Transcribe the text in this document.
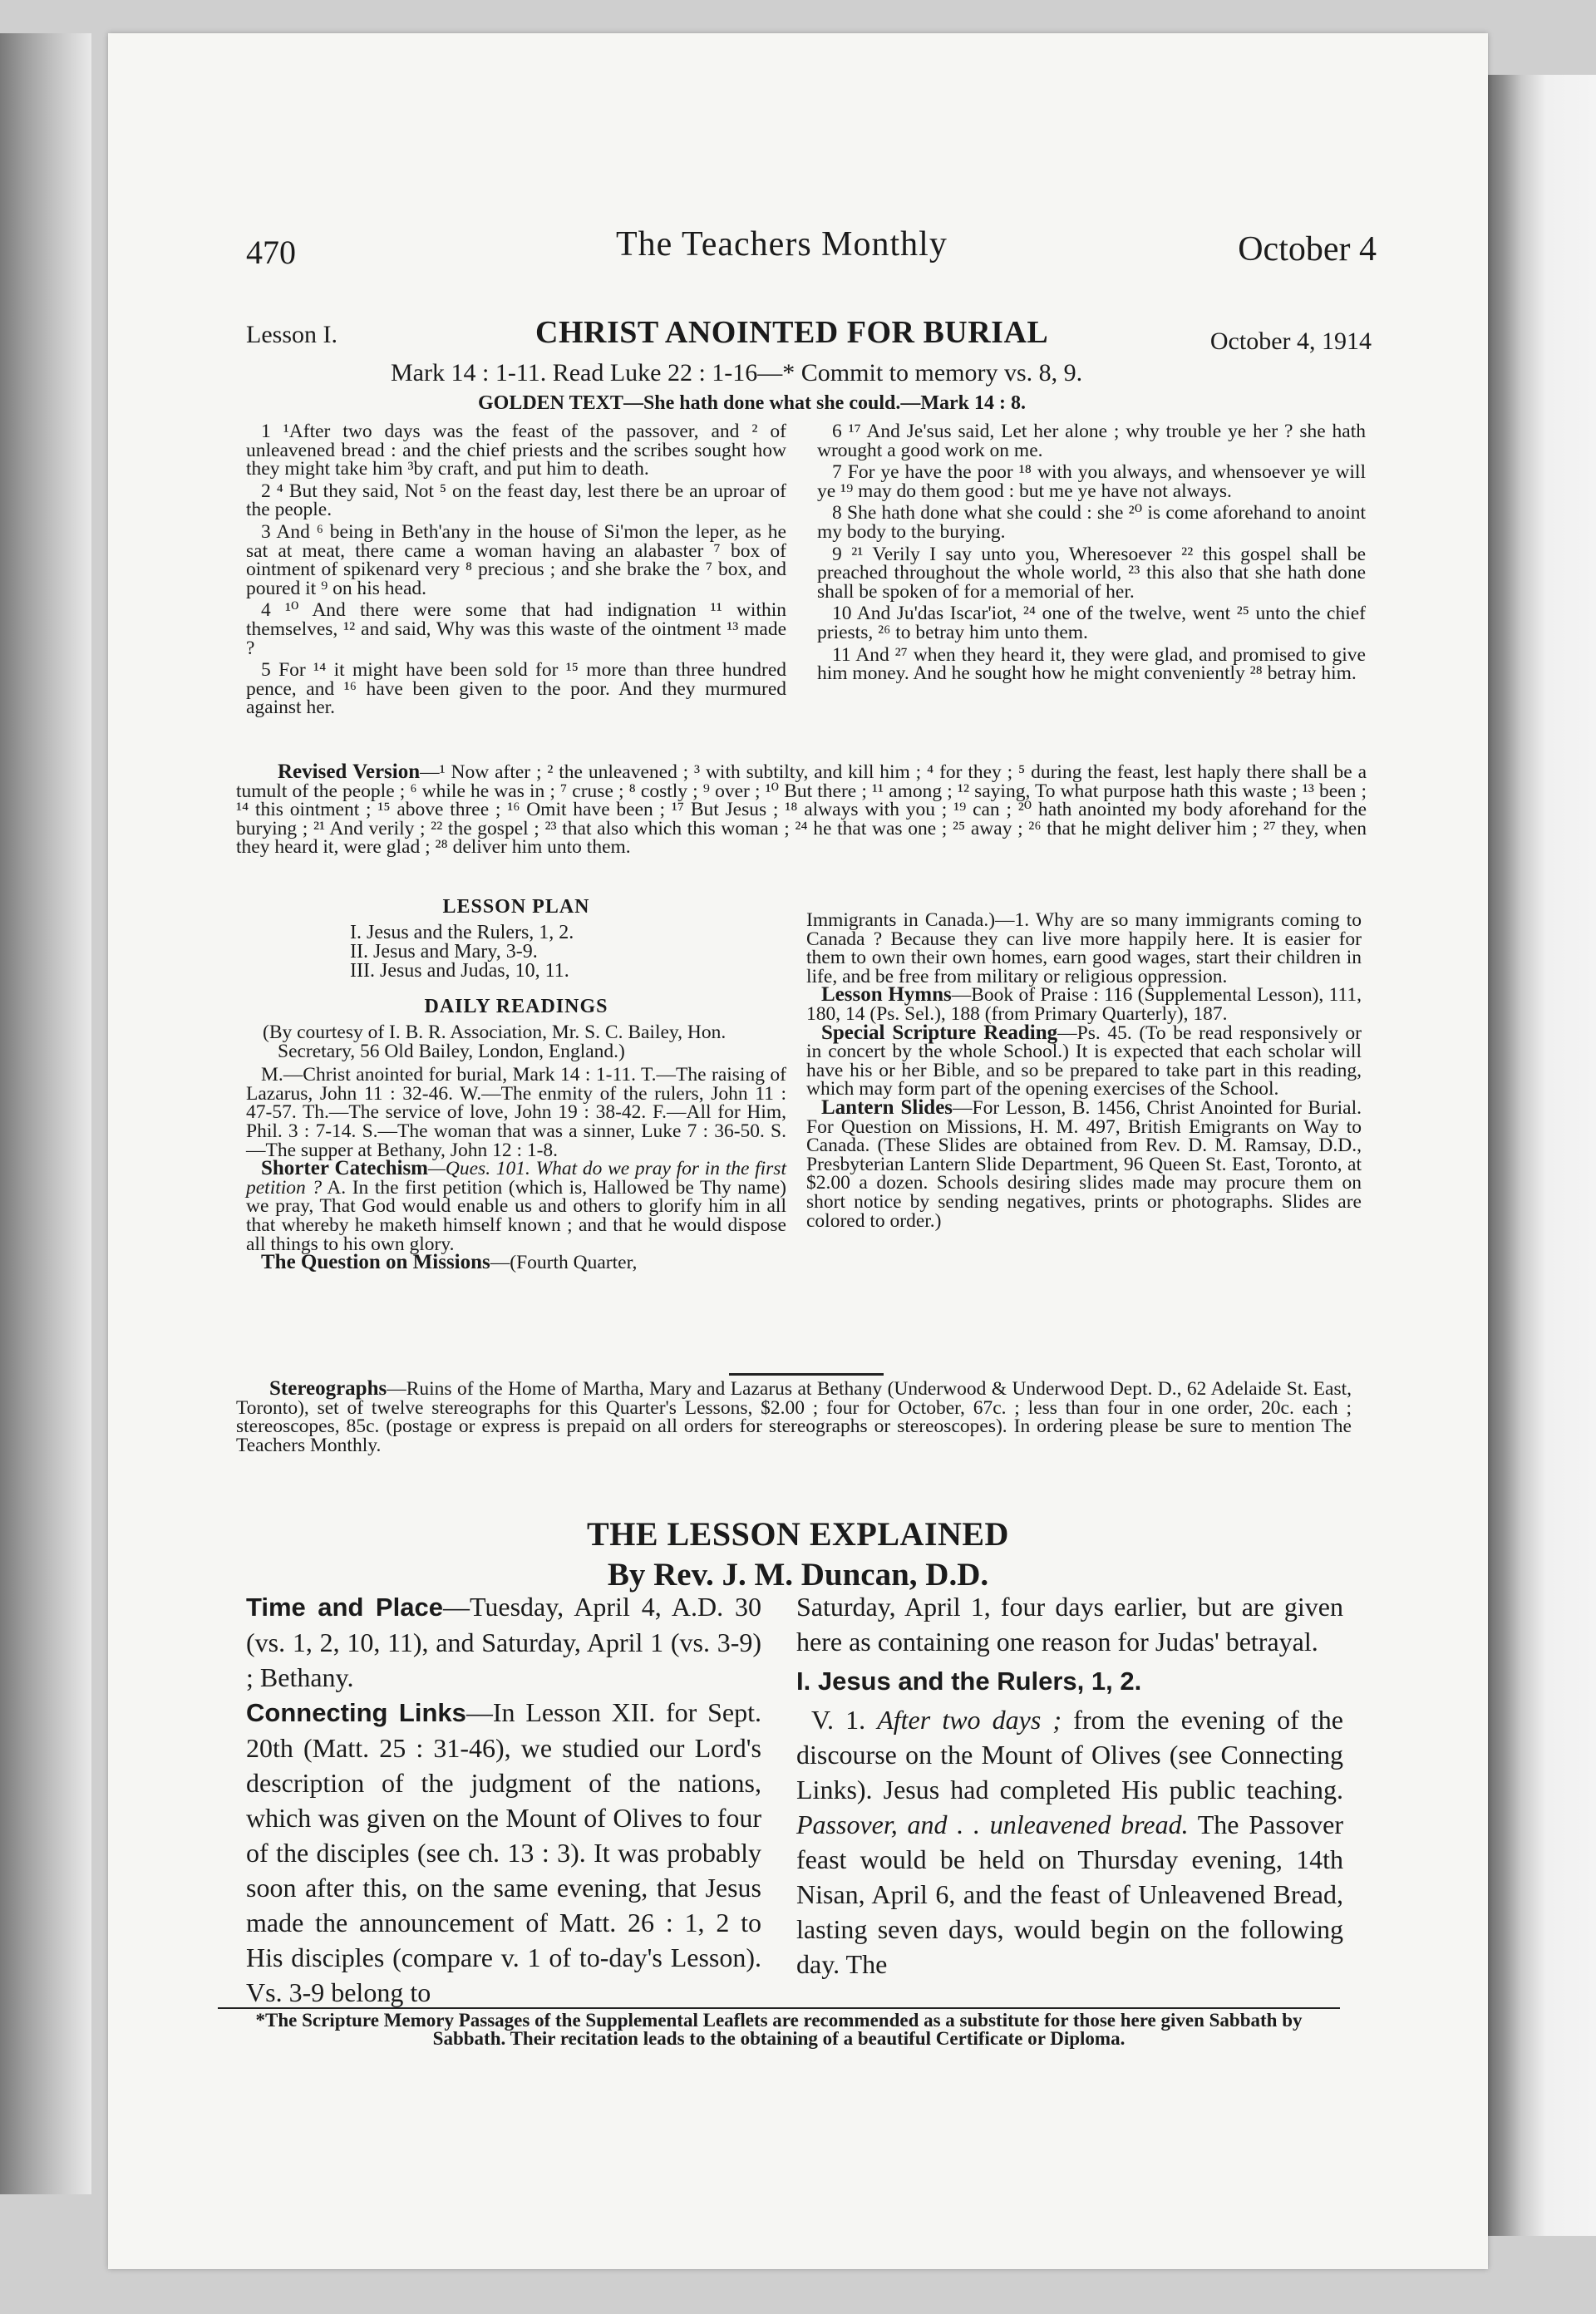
470	The Teachers Monthly	October 4
Lesson I.	CHRIST ANOINTED FOR BURIAL	October 4, 1914
Mark 14 : 1-11. Read Luke 22 : 1-16—* Commit to memory vs. 8, 9.
GOLDEN TEXT—She hath done what she could.—Mark 14 : 8.

1 ¹After two days was the feast of the passover, and ² of unleavened bread : and the chief priests and the scribes sought how they might take him ³by craft, and put him to death.

2 ⁴ But they said, Not ⁵ on the feast day, lest there be an uproar of the people.

3 And ⁶ being in Beth'any in the house of Si'mon the leper, as he sat at meat, there came a woman having an alabaster ⁷ box of ointment of spikenard very ⁸ precious ; and she brake the ⁷ box, and poured it ⁹ on his head.

4 ¹⁰ And there were some that had indignation ¹¹ within themselves, ¹² and said, Why was this waste of the ointment ¹³ made ?

5 For ¹⁴ it might have been sold for ¹⁵ more than three hundred pence, and ¹⁶ have been given to the poor. And they murmured against her.

6 ¹⁷ And Je'sus said, Let her alone ; why trouble ye her ? she hath wrought a good work on me.

7 For ye have the poor ¹⁸ with you always, and whensoever ye will ye ¹⁹ may do them good : but me ye have not always.

8 She hath done what she could : she ²⁰ is come aforehand to anoint my body to the burying.

9 ²¹ Verily I say unto you, Wheresoever ²² this gospel shall be preached throughout the whole world, ²³ this also that she hath done shall be spoken of for a memorial of her.

10 And Ju'das Iscar'iot, ²⁴ one of the twelve, went ²⁵ unto the chief priests, ²⁶ to betray him unto them.

11 And ²⁷ when they heard it, they were glad, and promised to give him money. And he sought how he might conveniently ²⁸ betray him.

Revised Version—¹ Now after ; ² the unleavened ; ³ with subtilty, and kill him ; ⁴ for they ; ⁵ during the feast, lest haply there shall be a tumult of the people ; ⁶ while he was in ; ⁷ cruse ; ⁸ costly ; ⁹ over ; ¹⁰ But there ; ¹¹ among ; ¹² saying, To what purpose hath this waste ; ¹³ been ; ¹⁴ this ointment ; ¹⁵ above three ; ¹⁶ Omit have been ; ¹⁷ But Jesus ; ¹⁸ always with you ; ¹⁹ can ; ²⁰ hath anointed my body aforehand for the burying ; ²¹ And verily ; ²² the gospel ; ²³ that also which this woman ; ²⁴ he that was one ; ²⁵ away ; ²⁶ that he might deliver him ; ²⁷ they, when they heard it, were glad ; ²⁸ deliver him unto them.
LESSON PLAN
I. Jesus and the Rulers, 1, 2.
II. Jesus and Mary, 3-9.
III. Jesus and Judas, 10, 11.
DAILY READINGS
(By courtesy of I. B. R. Association, Mr. S. C. Bailey, Hon. Secretary, 56 Old Bailey, London, England.)

M.—Christ anointed for burial, Mark 14 : 1-11. T.—The raising of Lazarus, John 11 : 32-46. W.—The enmity of the rulers, John 11 : 47-57. Th.—The service of love, John 19 : 38-42. F.—All for Him, Phil. 3 : 7-14. S.—The woman that was a sinner, Luke 7 : 36-50. S.—The supper at Bethany, John 12 : 1-8.

Shorter Catechism—Ques. 101. What do we pray for in the first petition ? A. In the first petition (which is, Hallowed be Thy name) we pray, That God would enable us and others to glorify him in all that whereby he maketh himself known ; and that he would dispose all things to his own glory.

The Question on Missions—(Fourth Quarter,

Immigrants in Canada.)—1. Why are so many immigrants coming to Canada ? Because they can live more happily here. It is easier for them to own their own homes, earn good wages, start their children in life, and be free from military or religious oppression.

Lesson Hymns—Book of Praise : 116 (Supplemental Lesson), 111, 180, 14 (Ps. Sel.), 188 (from Primary Quarterly), 187.

Special Scripture Reading—Ps. 45. (To be read responsively or in concert by the whole School.) It is expected that each scholar will have his or her Bible, and so be prepared to take part in this reading, which may form part of the opening exercises of the School.

Lantern Slides—For Lesson, B. 1456, Christ Anointed for Burial. For Question on Missions, H. M. 497, British Emigrants on Way to Canada. (These Slides are obtained from Rev. D. M. Ramsay, D.D., Presbyterian Lantern Slide Department, 96 Queen St. East, Toronto, at $2.00 a dozen. Schools desiring slides made may procure them on short notice by sending negatives, prints or photographs. Slides are colored to order.)

Stereographs—Ruins of the Home of Martha, Mary and Lazarus at Bethany (Underwood & Underwood Dept. D., 62 Adelaide St. East, Toronto), set of twelve stereographs for this Quarter's Lessons, $2.00 ; four for October, 67c. ; less than four in one order, 20c. each ; stereoscopes, 85c. (postage or express is prepaid on all orders for stereographs or stereoscopes). In ordering please be sure to mention The Teachers Monthly.
THE LESSON EXPLAINED
By Rev. J. M. Duncan, D.D.

Time and Place—Tuesday, April 4, A.D. 30 (vs. 1, 2, 10, 11), and Saturday, April 1 (vs. 3-9) ; Bethany.

Connecting Links—In Lesson XII. for Sept. 20th (Matt. 25 : 31-46), we studied our Lord's description of the judgment of the nations, which was given on the Mount of Olives to four of the disciples (see ch. 13 : 3). It was probably soon after this, on the same evening, that Jesus made the announcement of Matt. 26 : 1, 2 to His disciples (compare v. 1 of to-day's Lesson). Vs. 3-9 belong to

Saturday, April 1, four days earlier, but are given here as containing one reason for Judas' betrayal.

I. Jesus and the Rulers, 1, 2.

V. 1. After two days ; from the evening of the discourse on the Mount of Olives (see Connecting Links). Jesus had completed His public teaching. Passover, and . . unleavened bread. The Passover feast would be held on Thursday evening, 14th Nisan, April 6, and the feast of Unleavened Bread, lasting seven days, would begin on the following day. The

*The Scripture Memory Passages of the Supplemental Leaflets are recommended as a substitute for those here given Sabbath by Sabbath. Their recitation leads to the obtaining of a beautiful Certificate or Diploma.
